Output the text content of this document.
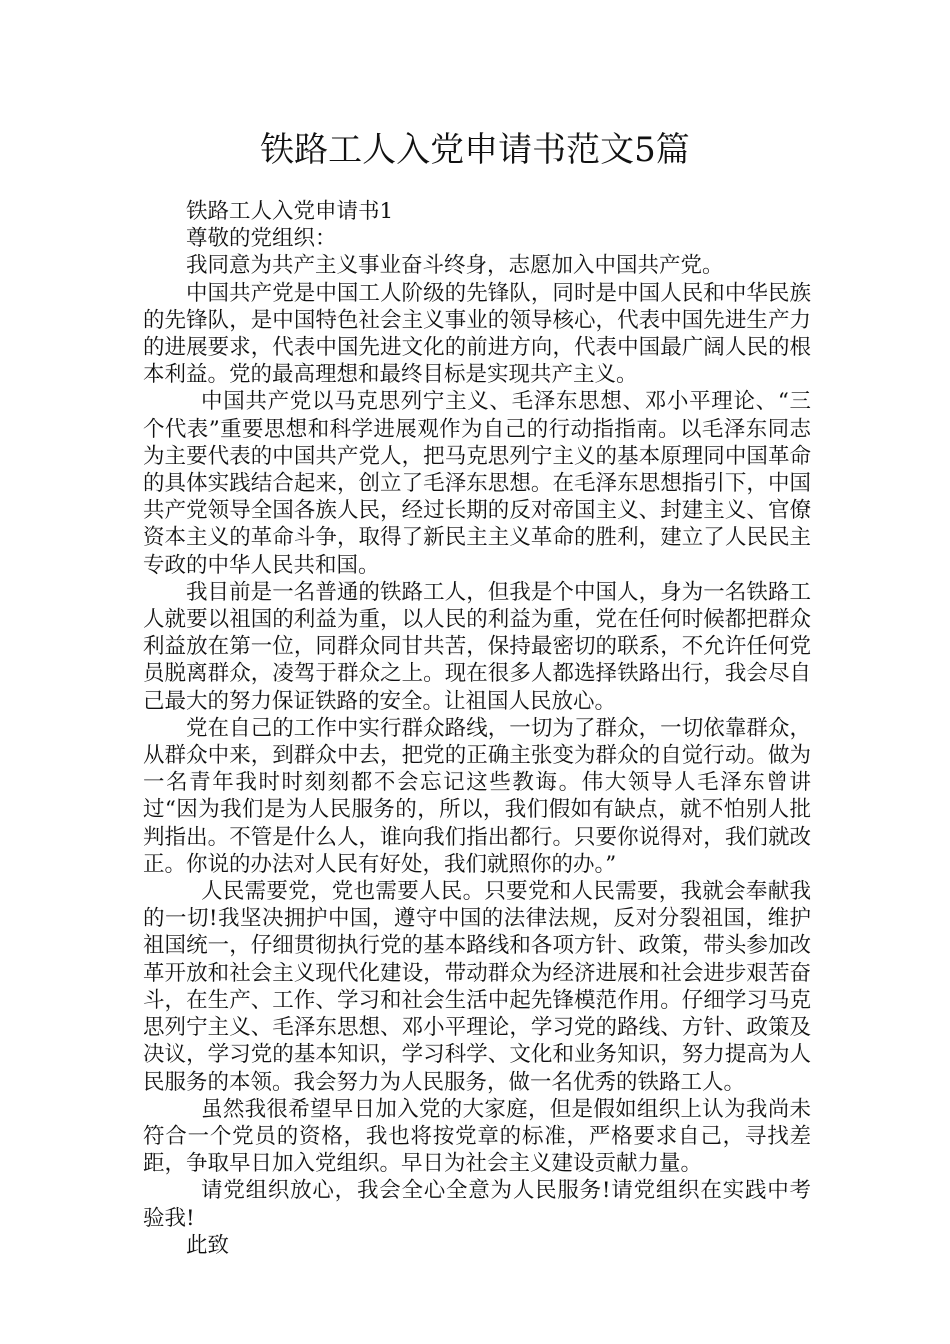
铁路工人入党申请书范文5篇

铁路工人入党申请书1

尊敬的党组织：

我同意为共产主义事业奋斗终身，志愿加入中国共产党。

中国共产党是中国工人阶级的先锋队，同时是中国人民和中华民族的先锋队，是中国特色社会主义事业的领导核心，代表中国先进生产力的进展要求，代表中国先进文化的前进方向，代表中国最广阔人民的根本利益。党的最高理想和最终目标是实现共产主义。

中国共产党以马克思列宁主义、毛泽东思想、邓小平理论、“三个代表”重要思想和科学进展观作为自己的行动指指南。以毛泽东同志为主要代表的中国共产党人，把马克思列宁主义的基本原理同中国革命的具体实践结合起来，创立了毛泽东思想。在毛泽东思想指引下，中国共产党领导全国各族人民，经过长期的反对帝国主义、封建主义、官僚资本主义的革命斗争，取得了新民主主义革命的胜利，建立了人民民主专政的中华人民共和国。

我目前是一名普通的铁路工人，但我是个中国人，身为一名铁路工人就要以祖国的利益为重，以人民的利益为重，党在任何时候都把群众利益放在第一位，同群众同甘共苦，保持最密切的联系，不允许任何党员脱离群众，凌驾于群众之上。现在很多人都选择铁路出行，我会尽自己最大的努力保证铁路的安全。让祖国人民放心。

党在自己的工作中实行群众路线，一切为了群众，一切依靠群众，从群众中来，到群众中去，把党的正确主张变为群众的自觉行动。做为一名青年我时时刻刻都不会忘记这些教诲。伟大领导人毛泽东曾讲过“因为我们是为人民服务的，所以，我们假如有缺点，就不怕别人批判指出。不管是什么人，谁向我们指出都行。只要你说得对，我们就改正。你说的办法对人民有好处，我们就照你的办。”

人民需要党，党也需要人民。只要党和人民需要，我就会奉献我的一切!我坚决拥护中国，遵守中国的法律法规，反对分裂祖国，维护祖国统一，仔细贯彻执行党的基本路线和各项方针、政策，带头参加改革开放和社会主义现代化建设，带动群众为经济进展和社会进步艰苦奋斗，在生产、工作、学习和社会生活中起先锋模范作用。仔细学习马克思列宁主义、毛泽东思想、邓小平理论，学习党的路线、方针、政策及决议，学习党的基本知识，学习科学、文化和业务知识，努力提高为人民服务的本领。我会努力为人民服务，做一名优秀的铁路工人。

虽然我很希望早日加入党的大家庭，但是假如组织上认为我尚未符合一个党员的资格，我也将按党章的标准，严格要求自己，寻找差距，争取早日加入党组织。早日为社会主义建设贡献力量。

请党组织放心，我会全心全意为人民服务!请党组织在实践中考验我!

此致
